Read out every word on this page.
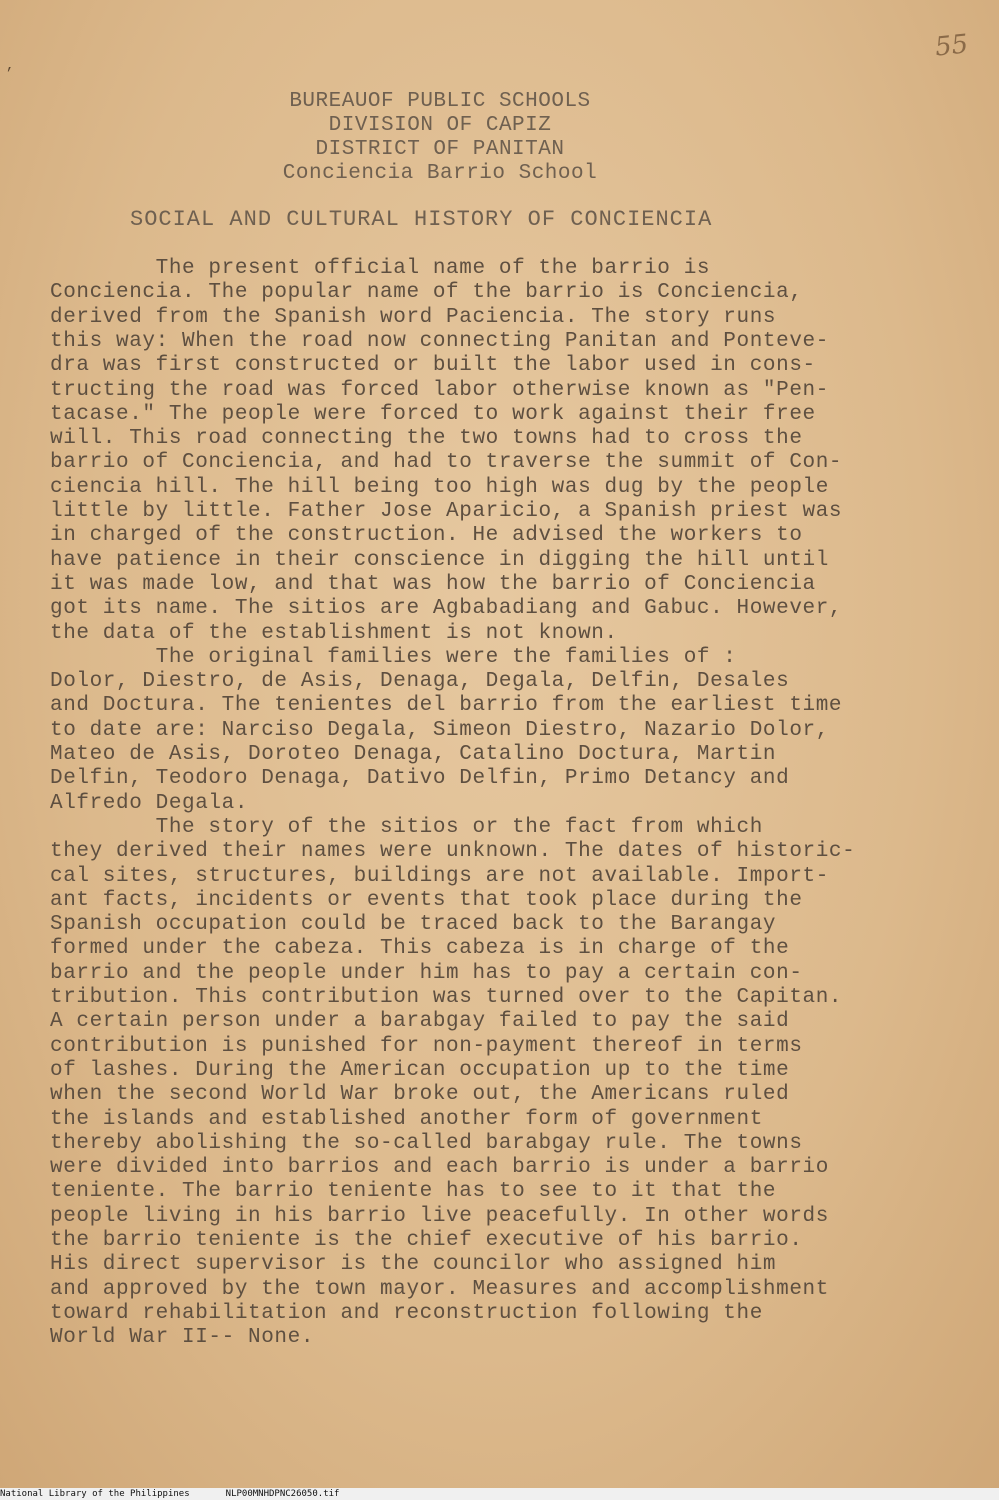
,
55
BUREAUOF PUBLIC SCHOOLS
DIVISION OF CAPIZ
DISTRICT OF PANITAN
Conciencia Barrio School
SOCIAL AND CULTURAL HISTORY OF CONCIENCIA
The present official name of the barrio is
Conciencia. The popular name of the barrio is Conciencia,
derived from the Spanish word Paciencia. The story runs
this way: When the road now connecting Panitan and Ponteve-
dra was first constructed or built the labor used in cons-
tructing the road was forced labor otherwise known as "Pen-
tacase." The people were forced to work against their free
will. This road connecting the two towns had to cross the
barrio of Conciencia, and had to traverse the summit of Con-
ciencia hill. The hill being too high was dug by the people
little by little. Father Jose Aparicio, a Spanish priest was
in charged of the construction. He advised the workers to
have patience in their conscience in digging the hill until
it was made low, and that was how the barrio of Conciencia
got its name. The sitios are Agbabadiang and Gabuc. However,
the data of the establishment is not known.
The original families were the families of :
Dolor, Diestro, de Asis, Denaga, Degala, Delfin, Desales
and Doctura. The tenientes del barrio from the earliest time
to date are: Narciso Degala, Simeon Diestro, Nazario Dolor,
Mateo de Asis, Doroteo Denaga, Catalino Doctura, Martin
Delfin, Teodoro Denaga, Dativo Delfin, Primo Detancy and
Alfredo Degala.
The story of the sitios or the fact from which
they derived their names were unknown. The dates of historic-
cal sites, structures, buildings are not available. Import-
ant facts, incidents or events that took place during the
Spanish occupation could be traced back to the Barangay
formed under the cabeza. This cabeza is in charge of the
barrio and the people under him has to pay a certain con-
tribution. This contribution was turned over to the Capitan.
A certain person under a barabgay failed to pay the said
contribution is punished for non-payment thereof in terms
of lashes. During the American occupation up to the time
when the second World War broke out, the Americans ruled
the islands and established another form of government
thereby abolishing the so-called barabgay rule. The towns
were divided into barrios and each barrio is under a barrio
teniente. The barrio teniente has to see to it that the
people living in his barrio live peacefully. In other words
the barrio teniente is the chief executive of his barrio.
His direct supervisor is the councilor who assigned him
and approved by the town mayor. Measures and accomplishment
toward rehabilitation and reconstruction following the
World War II-- None.
National Library of the Philippines	NLP00MNHDPNC26050.tif
